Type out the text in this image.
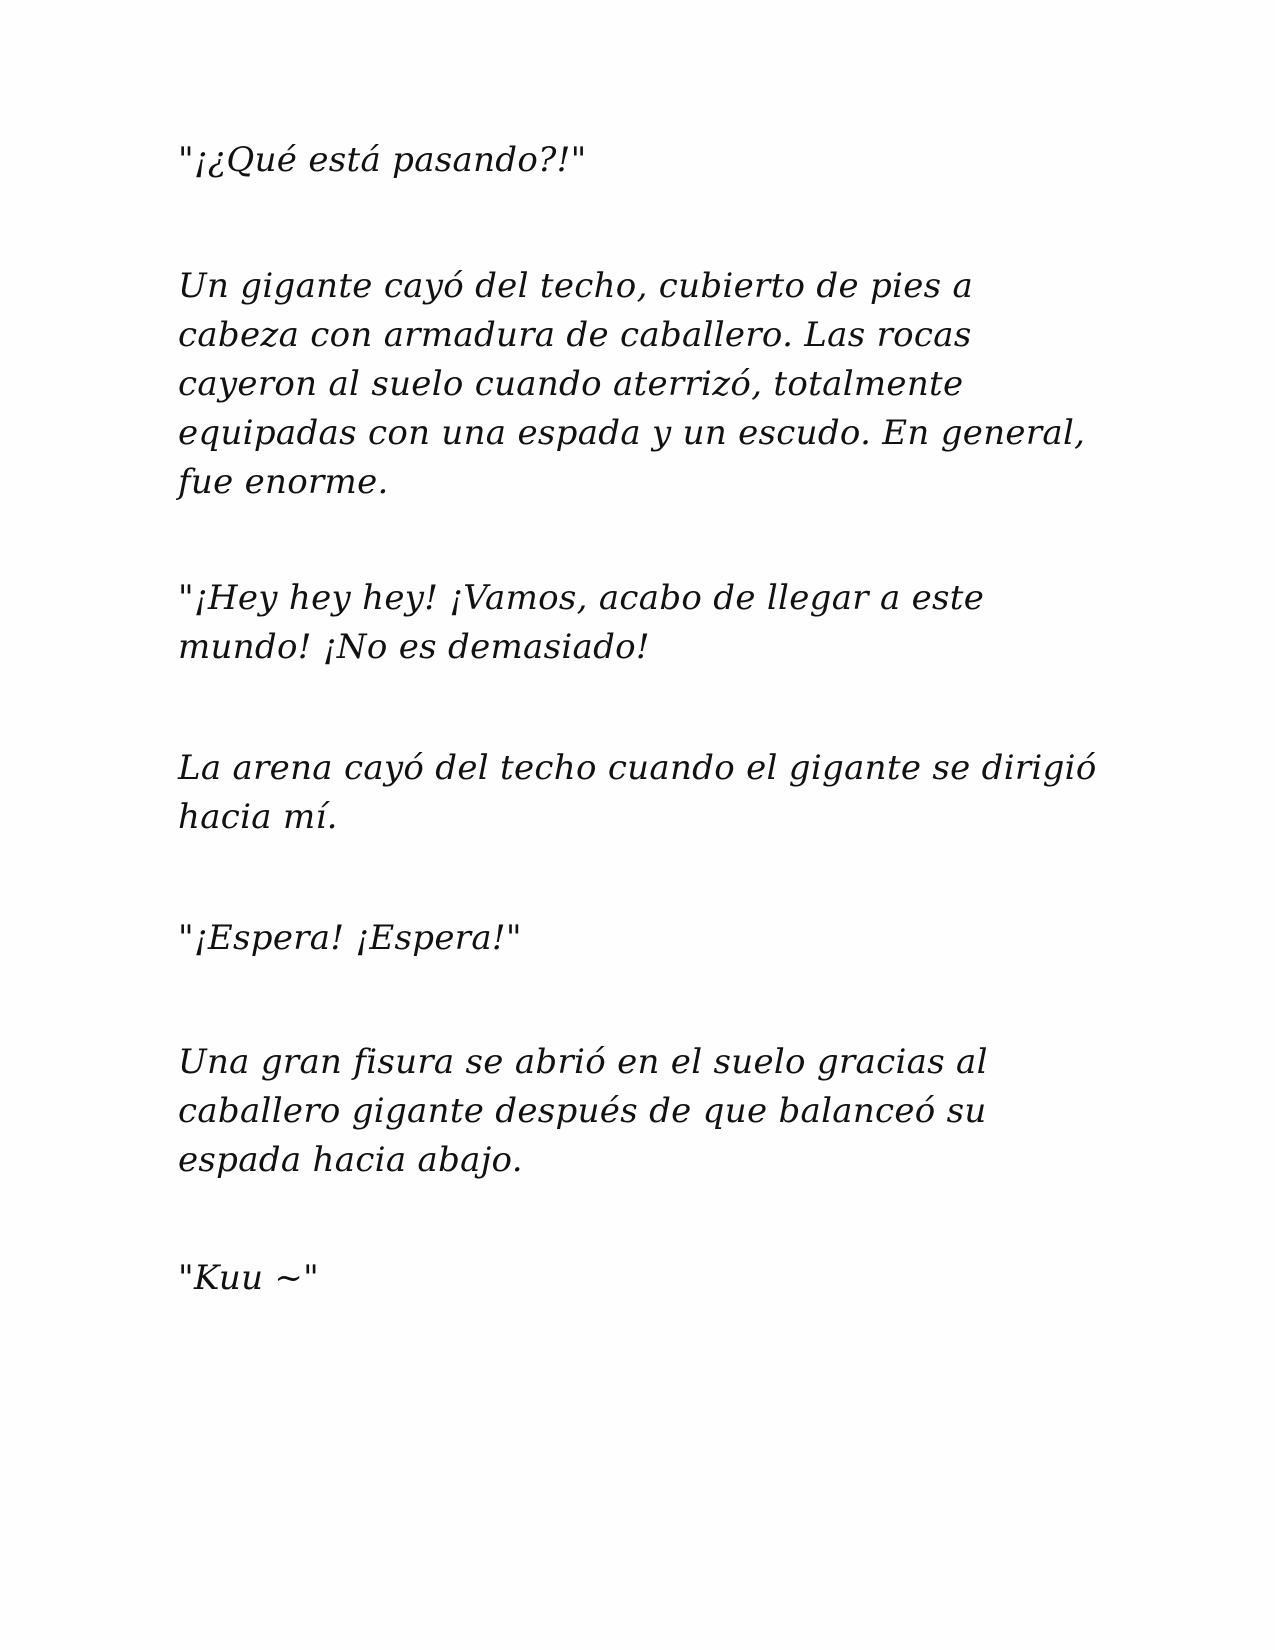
"¡¿Qué está pasando?!"

Un gigante cayó del techo, cubierto de pies a
cabeza con armadura de caballero. Las rocas
cayeron al suelo cuando aterrizó, totalmente
equipadas con una espada y un escudo. En general,
fue enorme.

"¡Hey hey hey! ¡Vamos, acabo de llegar a este
mundo! ¡No es demasiado!

La arena cayó del techo cuando el gigante se dirigió
hacia mí.

"¡Espera! ¡Espera!"

Una gran fisura se abrió en el suelo gracias al
caballero gigante después de que balanceó su
espada hacia abajo.

"Kuu ~"
